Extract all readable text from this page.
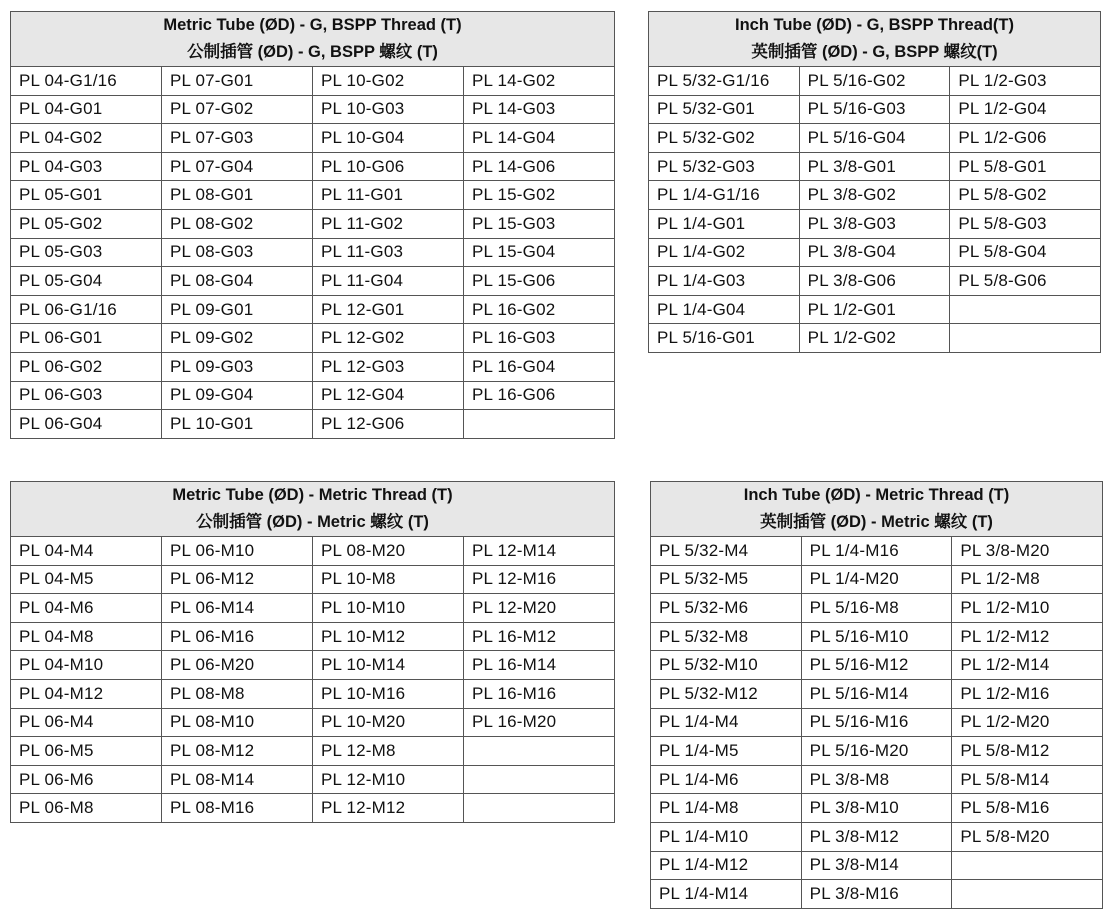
Metric Tube (ØD) - G, BSPP Thread (T)
公制插管 (ØD) - G, BSPP 螺纹 (T)			

PL 04-G1/16	PL 07-G01	PL 10-G02	PL 14-G02
PL 04-G01	PL 07-G02	PL 10-G03	PL 14-G03
PL 04-G02	PL 07-G03	PL 10-G04	PL 14-G04
PL 04-G03	PL 07-G04	PL 10-G06	PL 14-G06
PL 05-G01	PL 08-G01	PL 11-G01	PL 15-G02
PL 05-G02	PL 08-G02	PL 11-G02	PL 15-G03
PL 05-G03	PL 08-G03	PL 11-G03	PL 15-G04
PL 05-G04	PL 08-G04	PL 11-G04	PL 15-G06
PL 06-G1/16	PL 09-G01	PL 12-G01	PL 16-G02
PL 06-G01	PL 09-G02	PL 12-G02	PL 16-G03
PL 06-G02	PL 09-G03	PL 12-G03	PL 16-G04
PL 06-G03	PL 09-G04	PL 12-G04	PL 16-G06
PL 06-G04	PL 10-G01	PL 12-G06	
Inch Tube (ØD) - G, BSPP Thread(T)
英制插管 (ØD) - G, BSPP 螺纹(T)		

PL 5/32-G1/16	PL 5/16-G02	PL 1/2-G03
PL 5/32-G01	PL 5/16-G03	PL 1/2-G04
PL 5/32-G02	PL 5/16-G04	PL 1/2-G06
PL 5/32-G03	PL 3/8-G01	PL 5/8-G01
PL 1/4-G1/16	PL 3/8-G02	PL 5/8-G02
PL 1/4-G01	PL 3/8-G03	PL 5/8-G03
PL 1/4-G02	PL 3/8-G04	PL 5/8-G04
PL 1/4-G03	PL 3/8-G06	PL 5/8-G06
PL 1/4-G04	PL 1/2-G01	
PL 5/16-G01	PL 1/2-G02	
Metric Tube (ØD) - Metric Thread (T)
公制插管 (ØD) - Metric 螺纹 (T)			

PL 04-M4	PL 06-M10	PL 08-M20	PL 12-M14
PL 04-M5	PL 06-M12	PL 10-M8	PL 12-M16
PL 04-M6	PL 06-M14	PL 10-M10	PL 12-M20
PL 04-M8	PL 06-M16	PL 10-M12	PL 16-M12
PL 04-M10	PL 06-M20	PL 10-M14	PL 16-M14
PL 04-M12	PL 08-M8	PL 10-M16	PL 16-M16
PL 06-M4	PL 08-M10	PL 10-M20	PL 16-M20
PL 06-M5	PL 08-M12	PL 12-M8	
PL 06-M6	PL 08-M14	PL 12-M10	
PL 06-M8	PL 08-M16	PL 12-M12	
Inch Tube (ØD) - Metric Thread (T)
英制插管 (ØD) - Metric 螺纹 (T)		

PL 5/32-M4	PL 1/4-M16	PL 3/8-M20
PL 5/32-M5	PL 1/4-M20	PL 1/2-M8
PL 5/32-M6	PL 5/16-M8	PL 1/2-M10
PL 5/32-M8	PL 5/16-M10	PL 1/2-M12
PL 5/32-M10	PL 5/16-M12	PL 1/2-M14
PL 5/32-M12	PL 5/16-M14	PL 1/2-M16
PL 1/4-M4	PL 5/16-M16	PL 1/2-M20
PL 1/4-M5	PL 5/16-M20	PL 5/8-M12
PL 1/4-M6	PL 3/8-M8	PL 5/8-M14
PL 1/4-M8	PL 3/8-M10	PL 5/8-M16
PL 1/4-M10	PL 3/8-M12	PL 5/8-M20
PL 1/4-M12	PL 3/8-M14	
PL 1/4-M14	PL 3/8-M16	
